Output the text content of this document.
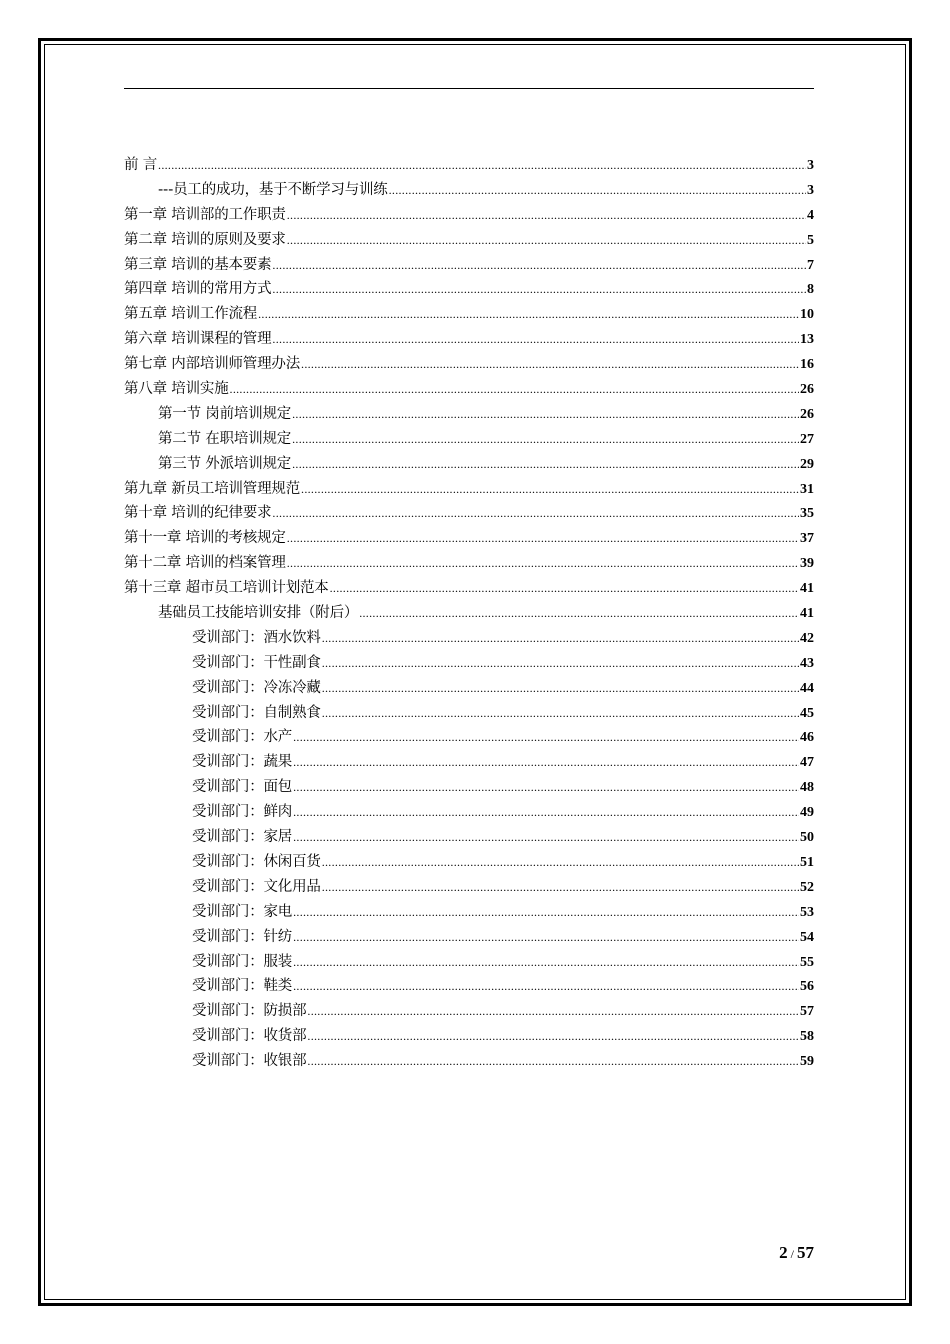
前 言 .....	3
---员工的成功，基于不断学习与训练 .....	3
第一章 培训部的工作职责 .....	4
第二章 培训的原则及要求 .....	5
第三章 培训的基本要素 .....	7
第四章 培训的常用方式 .....	8
第五章 培训工作流程 .....	10
第六章 培训课程的管理 .....	13
第七章 内部培训师管理办法 .....	16
第八章 培训实施 .....	26
第一节 岗前培训规定 .....	26
第二节 在职培训规定 .....	27
第三节 外派培训规定 .....	29
第九章 新员工培训管理规范 .....	31
第十章 培训的纪律要求 .....	35
第十一章 培训的考核规定 .....	37
第十二章 培训的档案管理 .....	39
第十三章 超市员工培训计划范本 .....	41
基础员工技能培训安排（附后） .....	41
受训部门：酒水饮料 .....	42
受训部门：干性副食 .....	43
受训部门：冷冻冷藏 .....	44
受训部门：自制熟食 .....	45
受训部门：水产 .....	46
受训部门：蔬果 .....	47
受训部门：面包 .....	48
受训部门：鲜肉 .....	49
受训部门：家居 .....	50
受训部门：休闲百货 .....	51
受训部门：文化用品 .....	52
受训部门：家电 .....	53
受训部门：针纺 .....	54
受训部门：服装 .....	55
受训部门：鞋类 .....	56
受训部门：防损部 .....	57
受训部门：收货部 .....	58
受训部门：收银部 .....	59
2 / 57
